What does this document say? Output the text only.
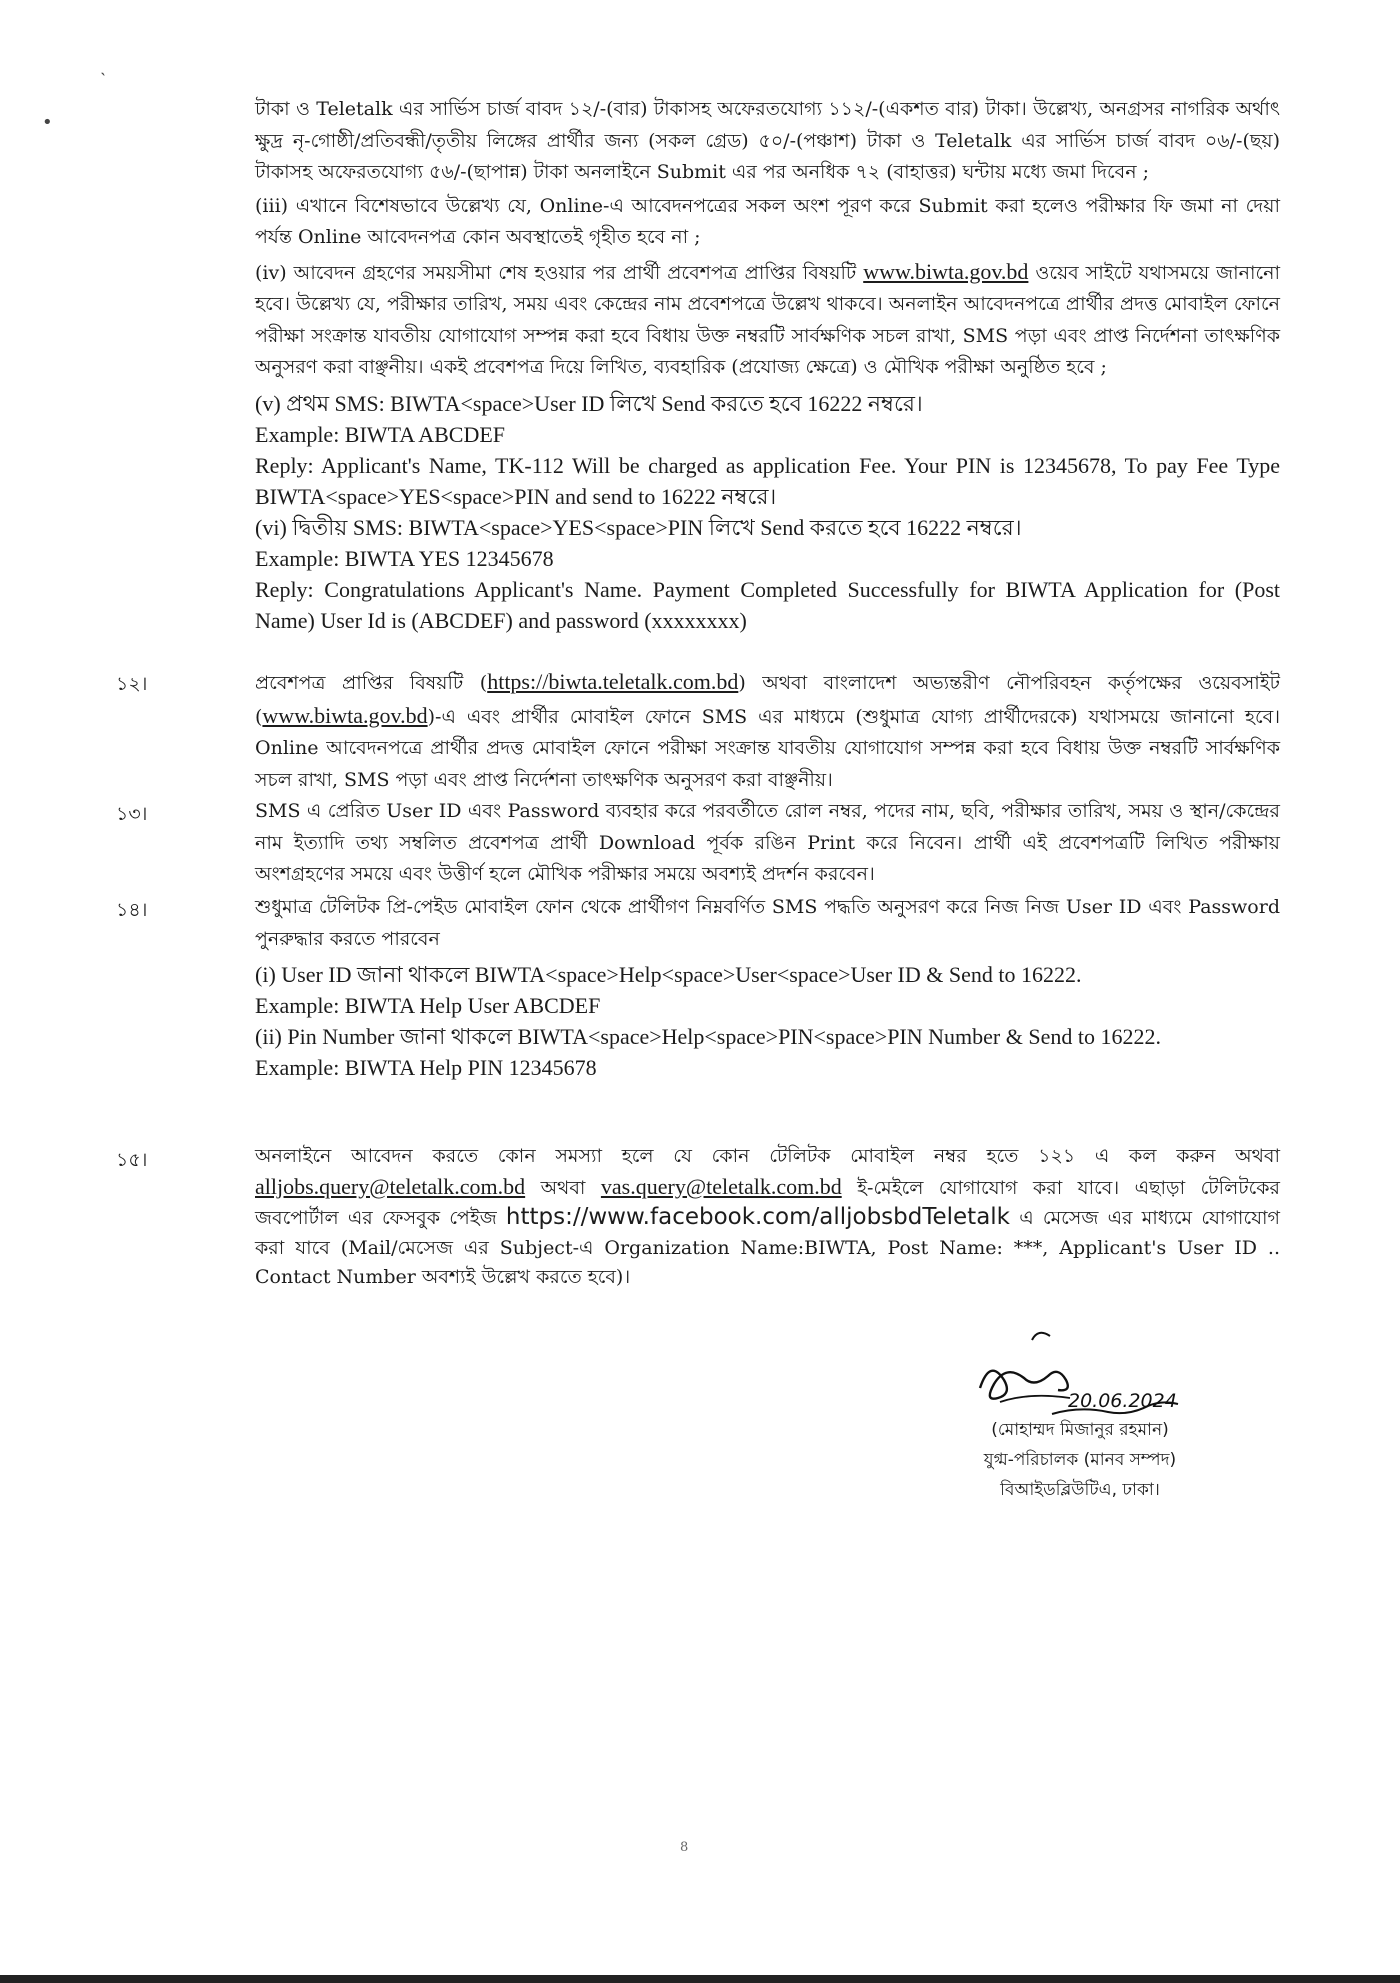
˴
•

টাকা ও Teletalk এর সার্ভিস চার্জ বাবদ ১২/-(বার) টাকাসহ অফেরতযোগ্য ১১২/-(একশত বার) টাকা। উল্লেখ্য, অনগ্রসর নাগরিক অর্থাৎ ক্ষুদ্র নৃ-গোষ্ঠী/প্রতিবন্ধী/তৃতীয় লিঙ্গের প্রার্থীর জন্য (সকল গ্রেড) ৫০/-(পঞ্চাশ) টাকা ও Teletalk এর সার্ভিস চার্জ বাবদ ০৬/-(ছয়) টাকাসহ অফেরতযোগ্য ৫৬/-(ছাপান্ন) টাকা অনলাইনে Submit এর পর অনধিক ৭২ (বাহাত্তর) ঘন্টায় মধ্যে জমা দিবেন ;

(iii) এখানে বিশেষভাবে উল্লেখ্য যে, Online-এ আবেদনপত্রের সকল অংশ পূরণ করে Submit করা হলেও পরীক্ষার ফি জমা না দেয়া পর্যন্ত Online আবেদনপত্র কোন অবস্থাতেই গৃহীত হবে না ;

(iv) আবেদন গ্রহণের সময়সীমা শেষ হওয়ার পর প্রার্থী প্রবেশপত্র প্রাপ্তির বিষয়টি www.biwta.gov.bd ওয়েব সাইটে যথাসময়ে জানানো হবে। উল্লেখ্য যে, পরীক্ষার তারিখ, সময় এবং কেন্দ্রের নাম প্রবেশপত্রে উল্লেখ থাকবে। অনলাইন আবেদনপত্রে প্রার্থীর প্রদত্ত মোবাইল ফোনে পরীক্ষা সংক্রান্ত যাবতীয় যোগাযোগ সম্পন্ন করা হবে বিধায় উক্ত নম্বরটি সার্বক্ষণিক সচল রাখা, SMS পড়া এবং প্রাপ্ত নির্দেশনা তাৎক্ষণিক অনুসরণ করা বাঞ্ছনীয়। একই প্রবেশপত্র দিয়ে লিখিত, ব্যবহারিক (প্রযোজ্য ক্ষেত্রে) ও মৌখিক পরীক্ষা অনুষ্ঠিত হবে ;

(v) প্রথম SMS: BIWTA<space>User ID লিখে Send করতে হবে 16222 নম্বরে।

Example: BIWTA ABCDEF

Reply: Applicant's Name, TK-112 Will be charged as application Fee. Your PIN is 12345678, To pay Fee Type BIWTA<space>YES<space>PIN and send to 16222 নম্বরে।

(vi) দ্বিতীয় SMS: BIWTA<space>YES<space>PIN লিখে Send করতে হবে 16222 নম্বরে।

Example: BIWTA YES 12345678

Reply: Congratulations Applicant's Name. Payment Completed Successfully for BIWTA Application for (Post Name) User Id is (ABCDEF) and password (xxxxxxxx)

১২।	প্রবেশপত্র প্রাপ্তির বিষয়টি (https://biwta.teletalk.com.bd) অথবা বাংলাদেশ অভ্যন্তরীণ নৌপরিবহন কর্তৃপক্ষের ওয়েবসাইট (www.biwta.gov.bd)-এ এবং প্রার্থীর মোবাইল ফোনে SMS এর মাধ্যমে (শুধুমাত্র যোগ্য প্রার্থীদেরকে) যথাসময়ে জানানো হবে। Online আবেদনপত্রে প্রার্থীর প্রদত্ত মোবাইল ফোনে পরীক্ষা সংক্রান্ত যাবতীয় যোগাযোগ সম্পন্ন করা হবে বিধায় উক্ত নম্বরটি সার্বক্ষণিক সচল রাখা, SMS পড়া এবং প্রাপ্ত নির্দেশনা তাৎক্ষণিক অনুসরণ করা বাঞ্ছনীয়।

১৩।	SMS এ প্রেরিত User ID এবং Password ব্যবহার করে পরবর্তীতে রোল নম্বর, পদের নাম, ছবি, পরীক্ষার তারিখ, সময় ও স্থান/কেন্দ্রের নাম ইত্যাদি তথ্য সম্বলিত প্রবেশপত্র প্রার্থী Download পূর্বক রঙিন Print করে নিবেন। প্রার্থী এই প্রবেশপত্রটি লিখিত পরীক্ষায় অংশগ্রহণের সময়ে এবং উত্তীর্ণ হলে মৌখিক পরীক্ষার সময়ে অবশ্যই প্রদর্শন করবেন।

১৪।	শুধুমাত্র টেলিটক প্রি-পেইড মোবাইল ফোন থেকে প্রার্থীগণ নিম্নবর্ণিত SMS পদ্ধতি অনুসরণ করে নিজ নিজ User ID এবং Password পুনরুদ্ধার করতে পারবেন

(i) User ID জানা থাকলে BIWTA<space>Help<space>User<space>User ID & Send to 16222.

Example: BIWTA Help User ABCDEF

(ii) Pin Number জানা থাকলে BIWTA<space>Help<space>PIN<space>PIN Number & Send to 16222.

Example: BIWTA Help PIN 12345678

১৫।	অনলাইনে আবেদন করতে কোন সমস্যা হলে যে কোন টেলিটক মোবাইল নম্বর হতে ১২১ এ কল করুন অথবা alljobs.query@teletalk.com.bd অথবা vas.query@teletalk.com.bd ই-মেইলে যোগাযোগ করা যাবে। এছাড়া টেলিটকের জবপোর্টাল এর ফেসবুক পেইজ https://www.facebook.com/alljobsbdTeletalk এ মেসেজ এর মাধ্যমে যোগাযোগ করা যাবে (Mail/মেসেজ এর Subject-এ Organization Name:BIWTA, Post Name: ***, Applicant's User ID .. Contact Number অবশ্যই উল্লেখ করতে হবে)।

20.06.2024
(মোহাম্মদ মিজানুর রহমান)
যুগ্ম-পরিচালক (মানব সম্পদ)
বিআইডব্লিউটিএ, ঢাকা।
8
